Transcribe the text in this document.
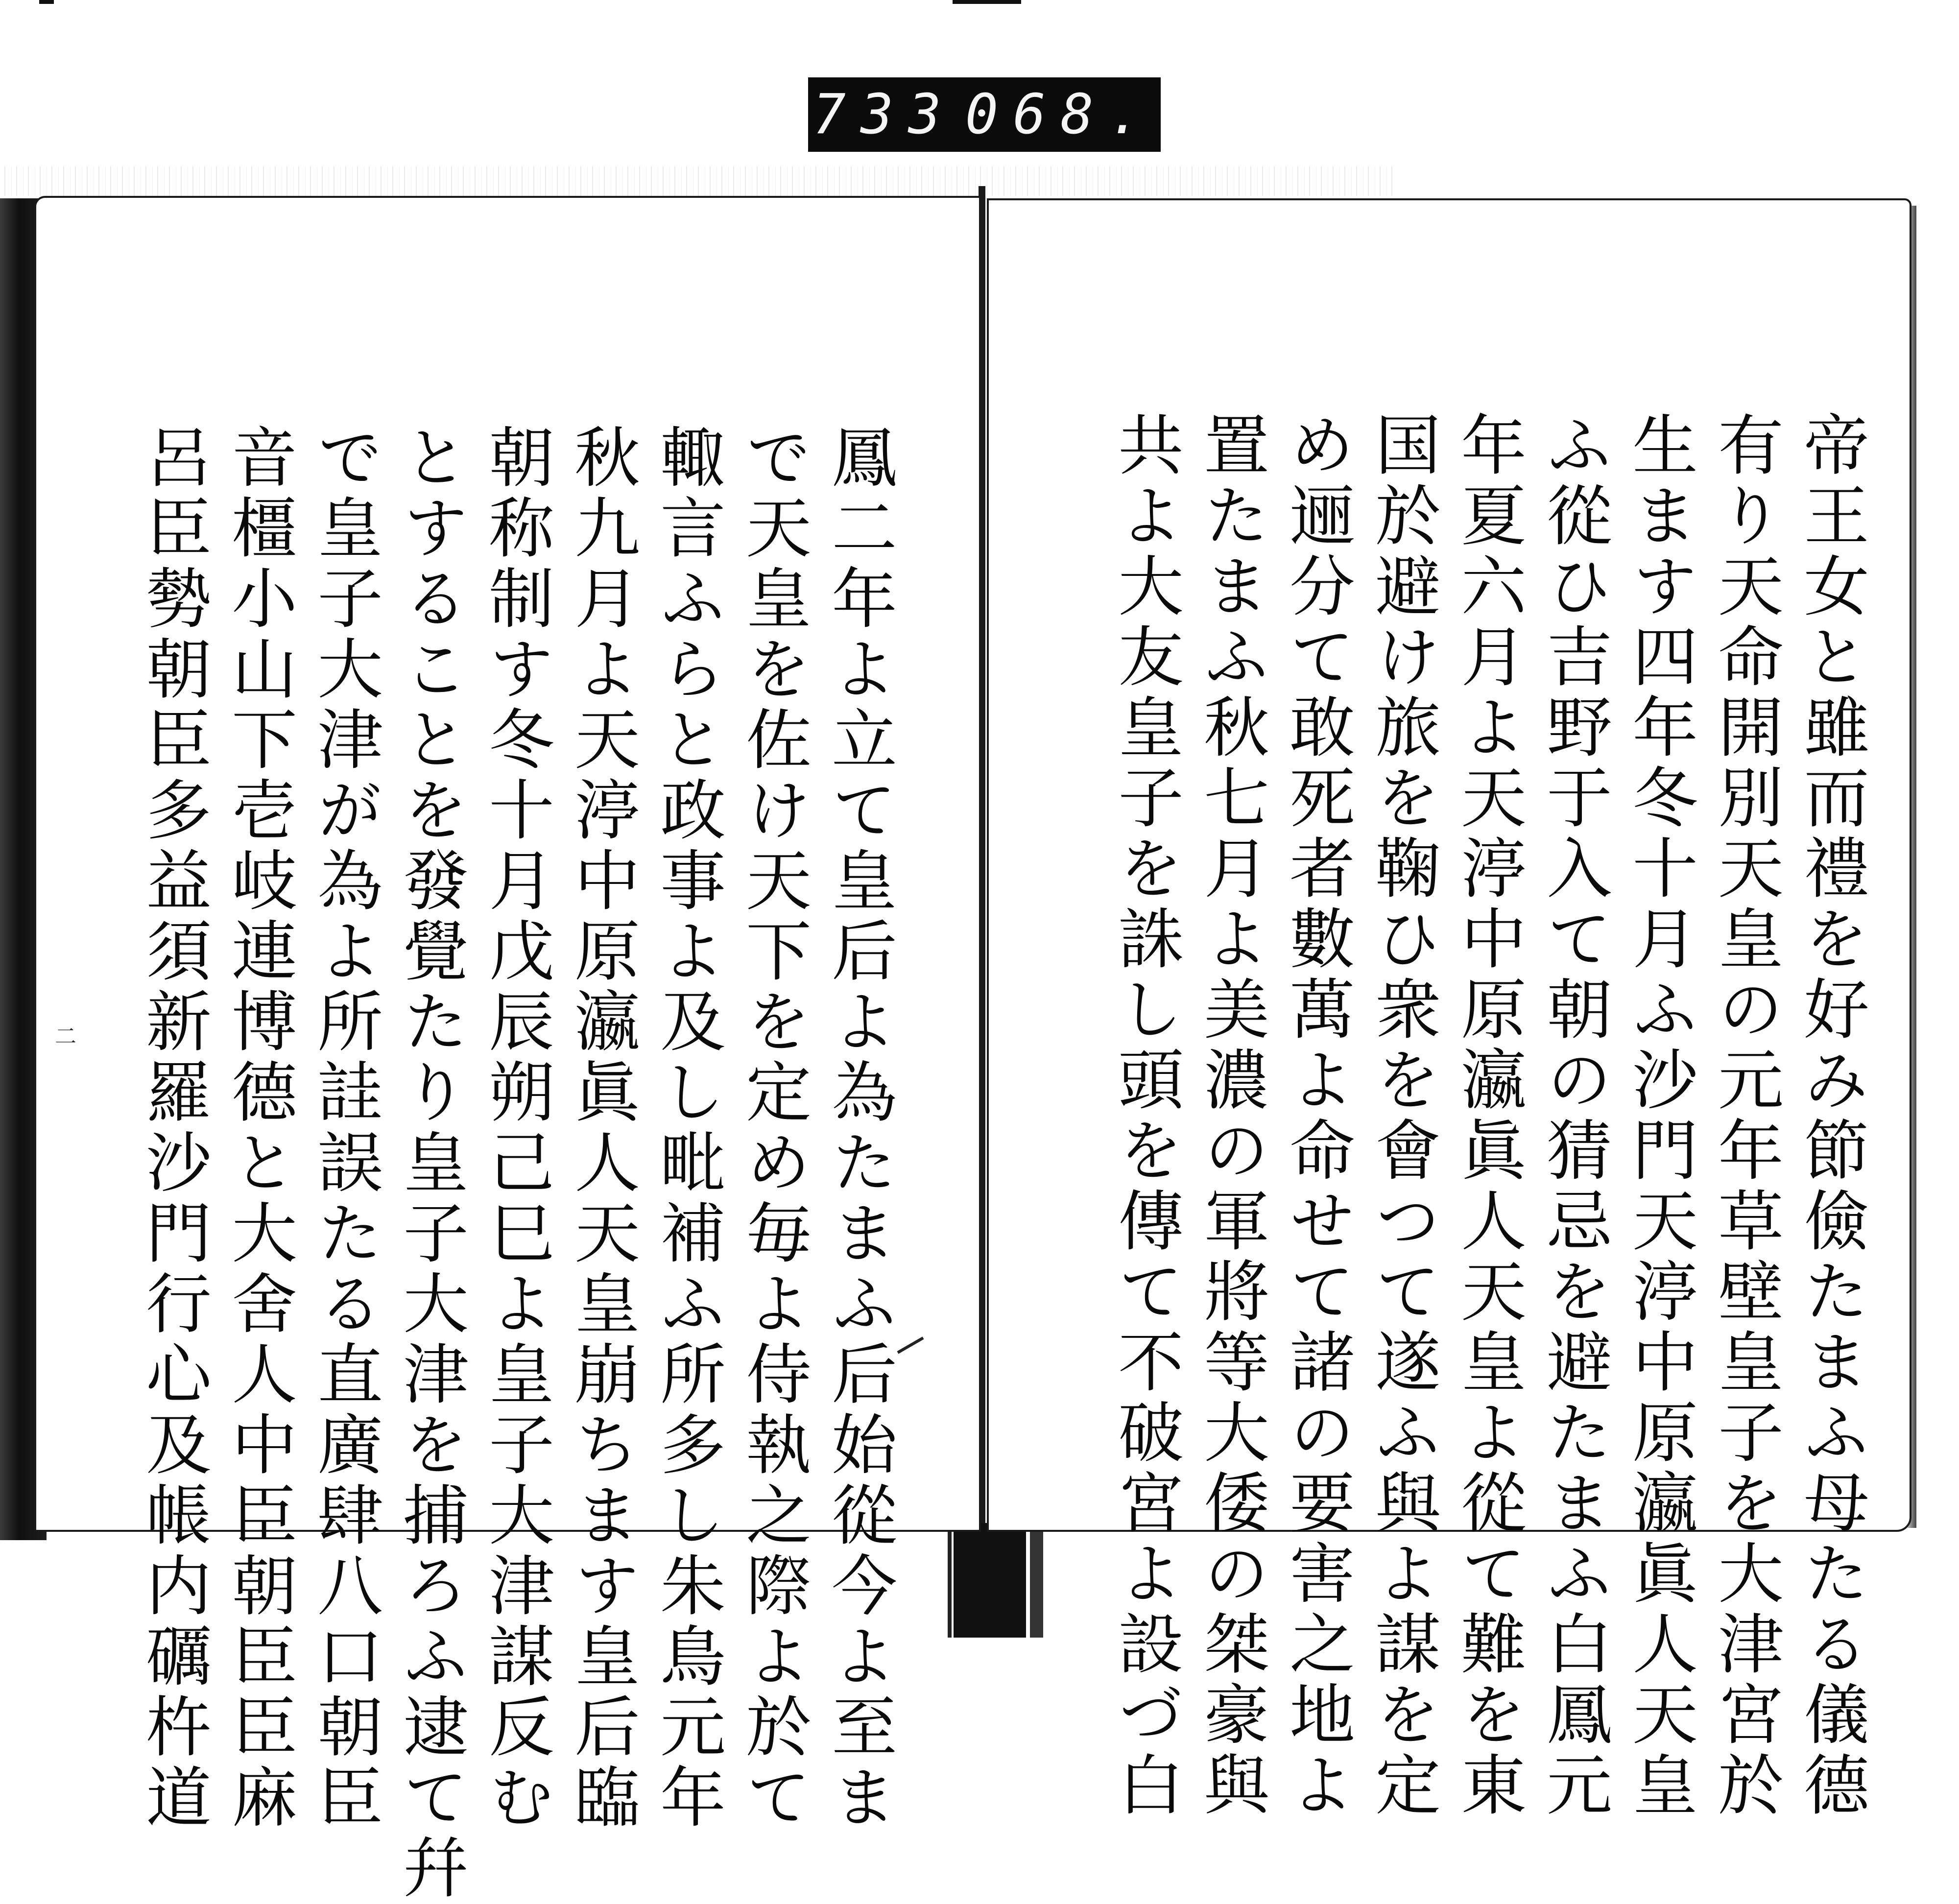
733 068.
鳳二年よ立て皇后よ為たまふ后始從今よ至ま
で天皇を佐け天下を定め毎よ侍執之際よ於て
輙言ふらと政事よ及し毗補ふ所多し朱鳥元年
秋九月よ天渟中原瀛眞人天皇崩ちます皇后臨
朝称制す冬十月戊辰朔己巳よ皇子大津謀反む
とすることを發覺たり皇子大津を捕ろふ逮て幷
で皇子大津が為よ所詿誤たる直廣肆八口朝臣
音橿小山下壱岐連博德と大舍人中臣朝臣臣麻
呂臣勢朝臣多益須新羅沙門行心及帳内礪杵道
二	帝王女と雖而禮を好み節儉たまふ母たる儀德
有り天命開別天皇の元年草壁皇子を大津宮於
生ます四年冬十月ふ沙門天渟中原瀛眞人天皇
ふ從ひ吉野于入て朝の猜忌を避たまふ白鳳元
年夏六月よ天渟中原瀛眞人天皇よ從て難を東
国於避け旅を鞠ひ衆を會つて遂ふ與よ謀を定
め逦分て敢死者數萬よ命せて諸の要害之地よ
置たまふ秋七月よ美濃の軍將等大倭の桀豪與
共よ大友皇子を誅し頭を傳て不破宮よ設づ白
